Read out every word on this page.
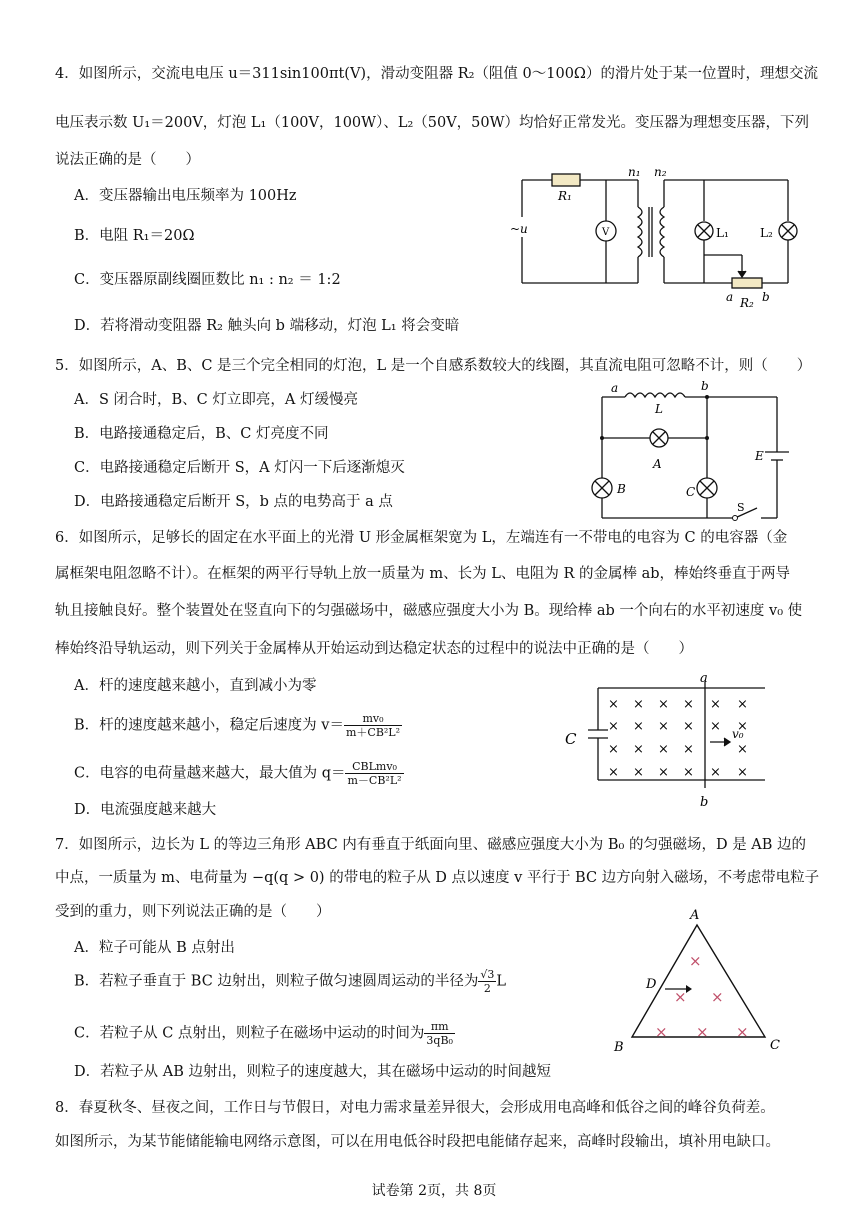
4．如图所示，交流电电压 u＝311sin100πt(V)，滑动变阻器 R₂（阻值 0～100Ω）的滑片处于某一位置时，理想交流
电压表示数 U₁＝200V，灯泡 L₁（100V，100W）、L₂（50V，50W）均恰好正常发光。变压器为理想变压器，下列
说法正确的是（　　）
A．变压器输出电压频率为 100Hz
B．电阻 R₁＝20Ω
C．变压器原副线圈匝数比 n₁ : n₂ ＝ 1:2
D．若将滑动变阻器 R₂ 触头向 b 端移动，灯泡 L₁ 将会变暗
R₁
~u	V
n₁ n₂
L₁	L₂
a b
R₂
5．如图所示，A、B、C 是三个完全相同的灯泡，L 是一个自感系数较大的线圈，其直流电阻可忽略不计，则（　　）
A．S 闭合时，B、C 灯立即亮，A 灯缓慢亮
B．电路接通稳定后，B、C 灯亮度不同
C．电路接通稳定后断开 S，A 灯闪一下后逐渐熄灭
D．电路接通稳定后断开 S，b 点的电势高于 a 点
a	b
L
A
B	C
E
S
6．如图所示，足够长的固定在水平面上的光滑 U 形金属框架宽为 L，左端连有一不带电的电容为 C 的电容器（金
属框架电阻忽略不计）。在框架的两平行导轨上放一质量为 m、长为 L、电阻为 R 的金属棒 ab，棒始终垂直于两导
轨且接触良好。整个装置处在竖直向下的匀强磁场中，磁感应强度大小为 B。现给棒 ab 一个向右的水平初速度 v₀ 使
棒始终沿导轨运动，则下列关于金属棒从开始运动到达稳定状态的过程中的说法中正确的是（　　）
A．杆的速度越来越小，直到减小为零
B．杆的速度越来越小，稳定后速度为 $v= \frac{\text{mv₀}}{\text{m＋CB²L²}}$
C．电容的电荷量越来越大，最大值为 q＝ CBLmv₀
m－CB²L²
D．电流强度越来越大
a
b
C	v₀
× × × × × ×
× × × × × ×
× × × ×	×
× × × × × ×
7．如图所示，边长为 L 的等边三角形 ABC 内有垂直于纸面向里、磁感应强度大小为 B₀ 的匀强磁场，D 是 AB 边的
中点，一质量为 m、电荷量为 −q(q > 0) 的带电的粒子从 D 点以速度 v 平行于 BC 边方向射入磁场，不考虑带电粒子
受到的重力，则下列说法正确的是（　　）
A．粒子可能从 B 点射出
B．若粒子垂直于 BC 边射出，则粒子做匀速圆周运动的半径为 $\frac{√3}{2}$ L
C．若粒子从 C 点射出，则粒子在磁场中运动的时间为 $\frac{\pi m}{\text{3qB₀}}$
D．若粒子从 AB 边射出，则粒子的速度越大，其在磁场中运动的时间越短
A
B	C
D
×
× ×
× × ×
8．春夏秋冬、昼夜之间，工作日与节假日，对电力需求量差异很大，会形成用电高峰和低谷之间的峰谷负荷差。
如图所示，为某节能储能输电网络示意图，可以在用电低谷时段把电能储存起来，高峰时段输出，填补用电缺口。
试卷第 2页，共 8页
